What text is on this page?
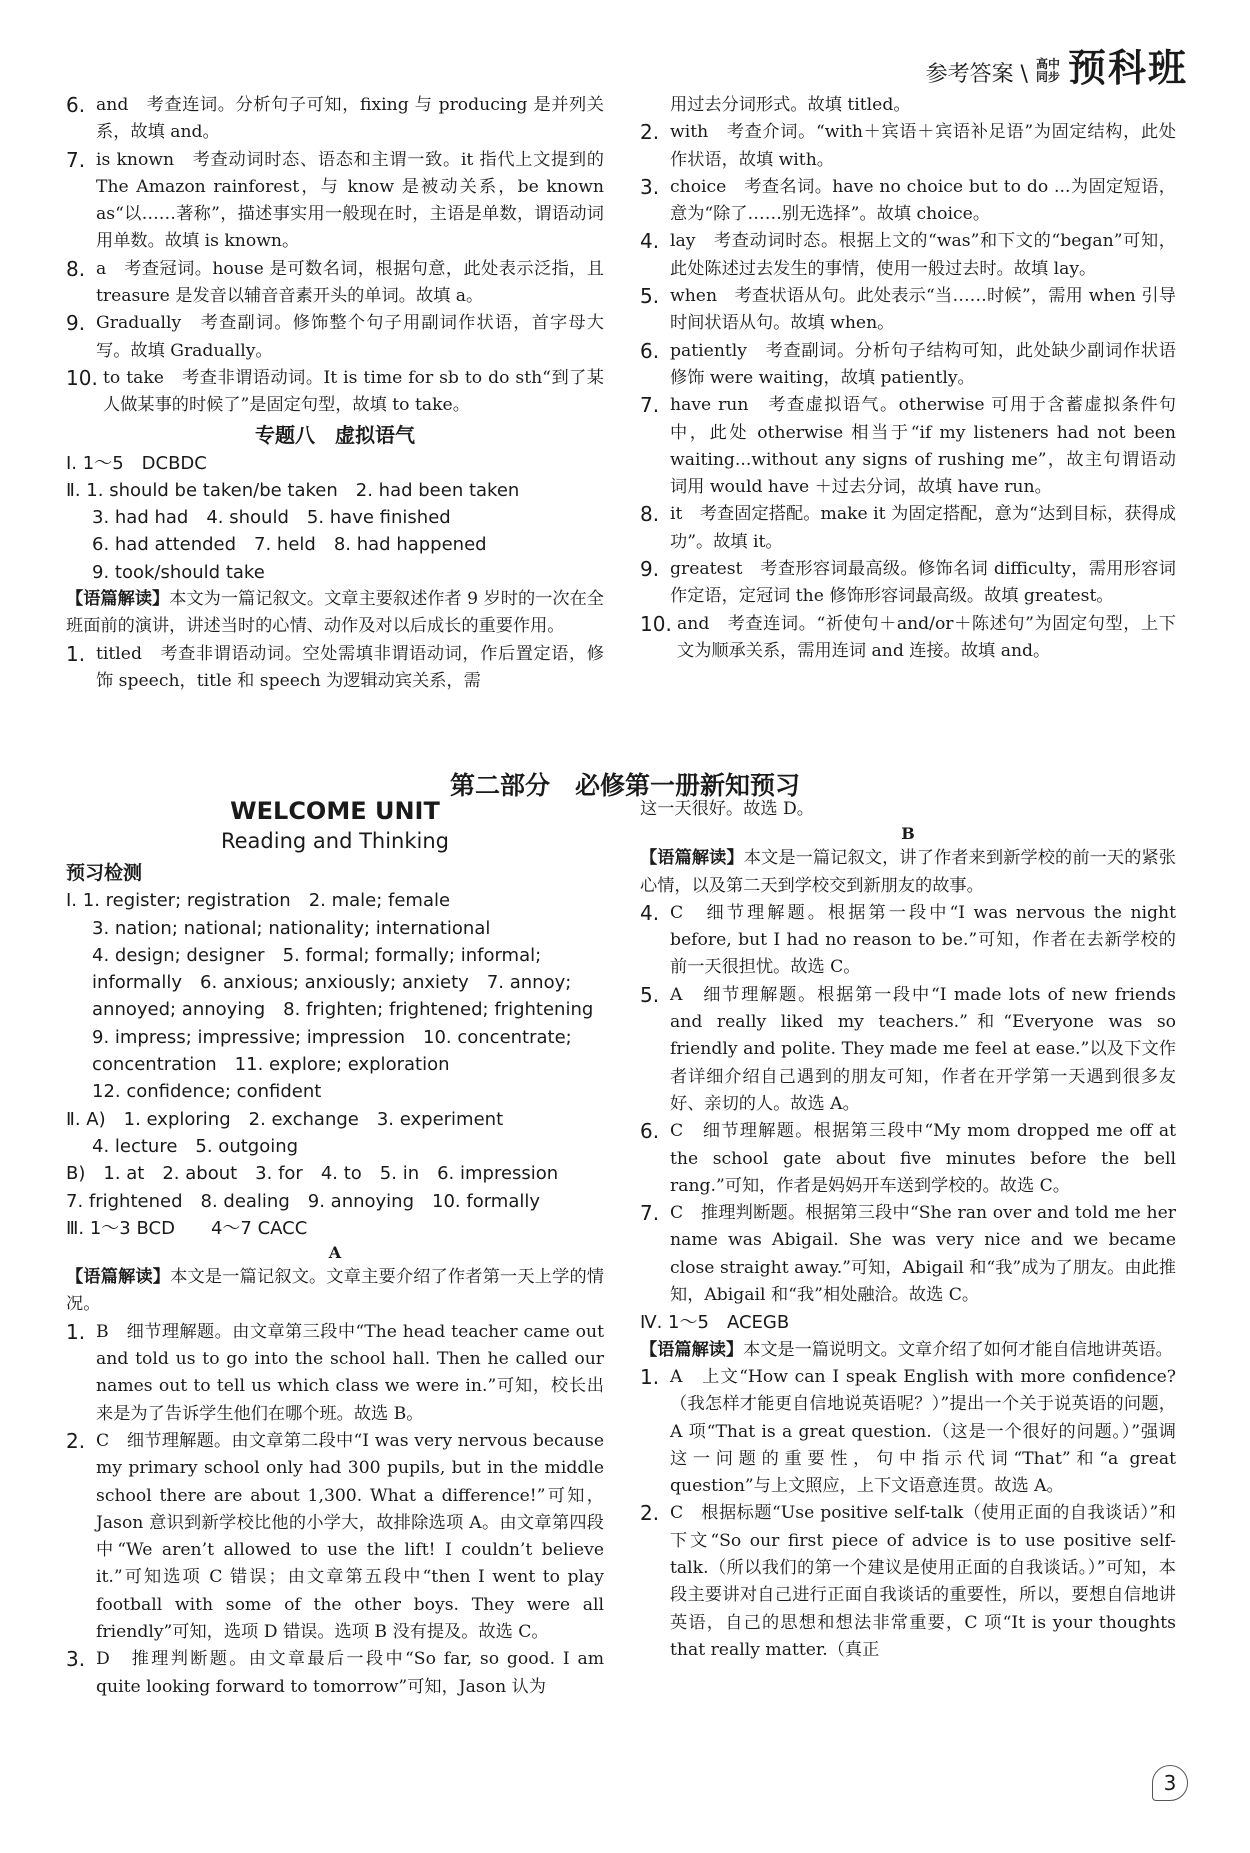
参考答案 \ 高中
同步 预科班
6. and　考查连词。分析句子可知，fixing 与 producing 是并列关系，故填 and。
7. is known　考查动词时态、语态和主谓一致。it 指代上文提到的 The Amazon rainforest，与 know 是被动关系，be known as“以……著称”，描述事实用一般现在时，主语是单数，谓语动词用单数。故填 is known。
8. a　考查冠词。house 是可数名词，根据句意，此处表示泛指，且 treasure 是发音以辅音音素开头的单词。故填 a。
9. Gradually　考查副词。修饰整个句子用副词作状语，首字母大写。故填 Gradually。
10. to take　考查非谓语动词。It is time for sb to do sth“到了某人做某事的时候了”是固定句型，故填 to take。
专题八　虚拟语气
Ⅰ. 1～5　DCBDC
Ⅱ. 1. should be taken/be taken　2. had been taken
3. had had　4. should　5. have finished
6. had attended　7. held　8. had happened
9. took/should take
【语篇解读】本文为一篇记叙文。文章主要叙述作者 9 岁时的一次在全班面前的演讲，讲述当时的心情、动作及对以后成长的重要作用。
1. titled　考查非谓语动词。空处需填非谓语动词，作后置定语，修饰 speech，title 和 speech 为逻辑动宾关系，需
用过去分词形式。故填 titled。
2. with　考查介词。“with＋宾语＋宾语补足语”为固定结构，此处作状语，故填 with。
3. choice　考查名词。have no choice but to do ...为固定短语，意为“除了……别无选择”。故填 choice。
4. lay　考查动词时态。根据上文的“was”和下文的“began”可知，此处陈述过去发生的事情，使用一般过去时。故填 lay。
5. when　考查状语从句。此处表示“当……时候”，需用 when 引导时间状语从句。故填 when。
6. patiently　考查副词。分析句子结构可知，此处缺少副词作状语修饰 were waiting，故填 patiently。
7. have run　考查虚拟语气。otherwise 可用于含蓄虚拟条件句中，此处 otherwise 相当于“if my listeners had not been waiting...without any signs of rushing me”，故主句谓语动词用 would have ＋过去分词，故填 have run。
8. it　考查固定搭配。make it 为固定搭配，意为“达到目标，获得成功”。故填 it。
9. greatest　考查形容词最高级。修饰名词 difficulty，需用形容词作定语，定冠词 the 修饰形容词最高级。故填 greatest。
10. and　考查连词。“祈使句＋and/or＋陈述句”为固定句型，上下文为顺承关系，需用连词 and 连接。故填 and。
第二部分　必修第一册新知预习
WELCOME UNIT
Reading and Thinking
预习检测
Ⅰ. 1. register; registration　2. male; female
3. nation; national; nationality; international
4. design; designer　5. formal; formally; informal;
informally　6. anxious; anxiously; anxiety　7. annoy;
annoyed; annoying　8. frighten; frightened; frightening
9. impress; impressive; impression　10. concentrate;
concentration　11. explore; exploration
12. confidence; confident
Ⅱ. A)　1. exploring　2. exchange　3. experiment
4. lecture　5. outgoing
B)　1. at　2. about　3. for　4. to　5. in　6. impression
7. frightened　8. dealing　9. annoying　10. formally
Ⅲ. 1～3 BCD　　4～7 CACC
A
【语篇解读】本文是一篇记叙文。文章主要介绍了作者第一天上学的情况。
1. B　细节理解题。由文章第三段中“The head teacher came out and told us to go into the school hall. Then he called our names out to tell us which class we were in.”可知，校长出来是为了告诉学生他们在哪个班。故选 B。
2. C　细节理解题。由文章第二段中“I was very nervous because my primary school only had 300 pupils, but in the middle school there are about 1,300. What a difference!”可知，Jason 意识到新学校比他的小学大，故排除选项 A。由文章第四段中“We aren’t allowed to use the lift! I couldn’t believe it.”可知选项 C 错误；由文章第五段中“then I went to play football with some of the other boys. They were all friendly”可知，选项 D 错误。选项 B 没有提及。故选 C。
3. D　推理判断题。由文章最后一段中“So far, so good. I am quite looking forward to tomorrow”可知，Jason 认为
这一天很好。故选 D。
B
【语篇解读】本文是一篇记叙文，讲了作者来到新学校的前一天的紧张心情，以及第二天到学校交到新朋友的故事。
4. C　细节理解题。根据第一段中“I was nervous the night before, but I had no reason to be.”可知，作者在去新学校的前一天很担忧。故选 C。
5. A　细节理解题。根据第一段中“I made lots of new friends and really liked my teachers.”和“Everyone was so friendly and polite. They made me feel at ease.”以及下文作者详细介绍自己遇到的朋友可知，作者在开学第一天遇到很多友好、亲切的人。故选 A。
6. C　细节理解题。根据第三段中“My mom dropped me off at the school gate about five minutes before the bell rang.”可知，作者是妈妈开车送到学校的。故选 C。
7. C　推理判断题。根据第三段中“She ran over and told me her name was Abigail. She was very nice and we became close straight away.”可知，Abigail 和“我”成为了朋友。由此推知，Abigail 和“我”相处融洽。故选 C。
Ⅳ. 1～5　ACEGB
【语篇解读】本文是一篇说明文。文章介绍了如何才能自信地讲英语。
1. A　上文“How can I speak English with more confidence?（我怎样才能更自信地说英语呢？）”提出一个关于说英语的问题，A 项“That is a great question.（这是一个很好的问题。）”强调这一问题的重要性，句中指示代词“That”和“a great question”与上文照应，上下文语意连贯。故选 A。
2. C　根据标题“Use positive self-talk（使用正面的自我谈话）”和下文“So our first piece of advice is to use positive self-talk.（所以我们的第一个建议是使用正面的自我谈话。）”可知，本段主要讲对自己进行正面自我谈话的重要性，所以，要想自信地讲英语，自己的思想和想法非常重要，C 项“It is your thoughts that really matter.（真正
3
